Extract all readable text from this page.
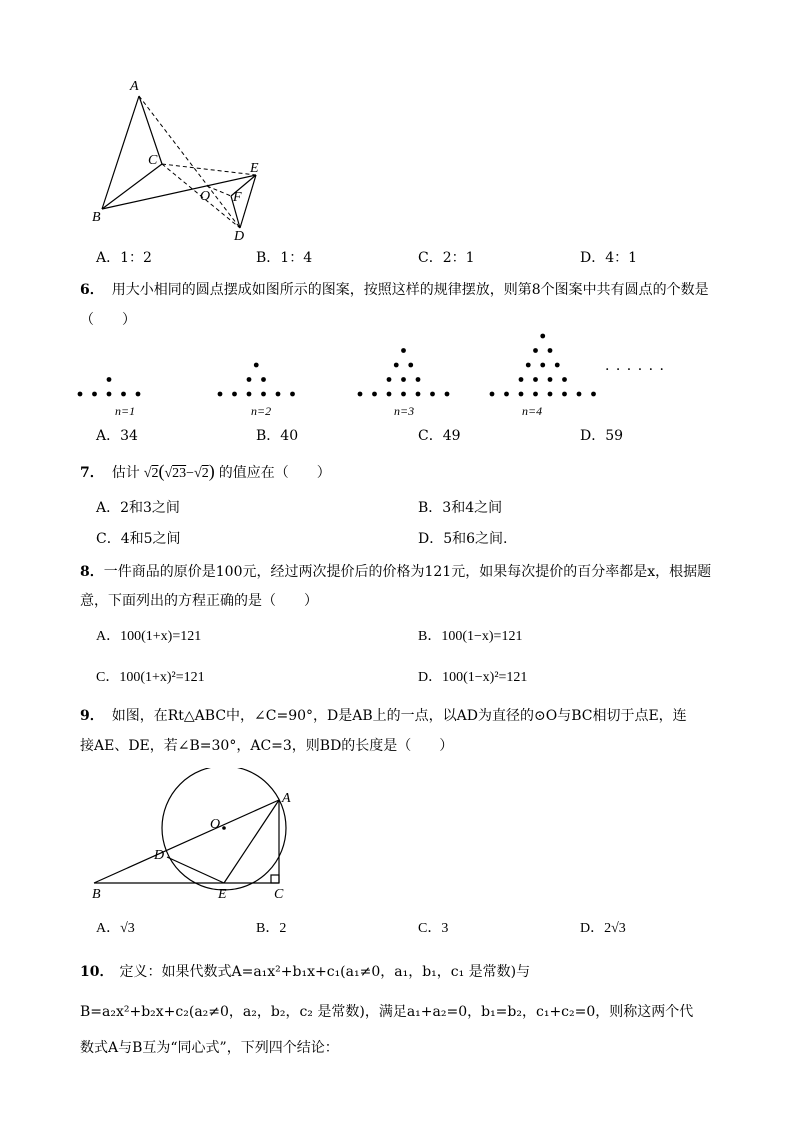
A
B
C
O
E
F
D
A．1：2	B．1：4	C．2：1	D．4：1
6． 用大小相同的圆点摆成如图所示的图案，按照这样的规律摆放，则第8个图案中共有圆点的个数是
（　　）
n=1	n=2	n=3	n=4
· · · · · ·
A．34	B．40	C．49	D．59
7． 估计 √2(√23−√2) 的值应在（　　）
A．2和3之间	B．3和4之间
C．4和5之间	D．5和6之间.
8．一件商品的原价是100元，经过两次提价后的价格为121元，如果每次提价的百分率都是x，根据题
意，下面列出的方程正确的是（　　）
A．100(1+x)=121	B．100(1−x)=121
C．100(1+x)²=121	D．100(1−x)²=121
9． 如图，在Rt△ABC中，∠C=90°，D是AB上的一点，以AD为直径的⊙O与BC相切于点E，连
接AE、DE，若∠B=30°，AC=3，则BD的长度是（　　）
A
O
D
B	E	C
A．√3	B．2	C．3	D．2√3
10． 定义：如果代数式A=a₁x²+b₁x+c₁(a₁≠0，a₁，b₁，c₁ 是常数)与
B=a₂x²+b₂x+c₂(a₂≠0，a₂，b₂，c₂ 是常数)，满足a₁+a₂=0，b₁=b₂，c₁+c₂=0，则称这两个代
数式A与B互为“同心式”，下列四个结论：
